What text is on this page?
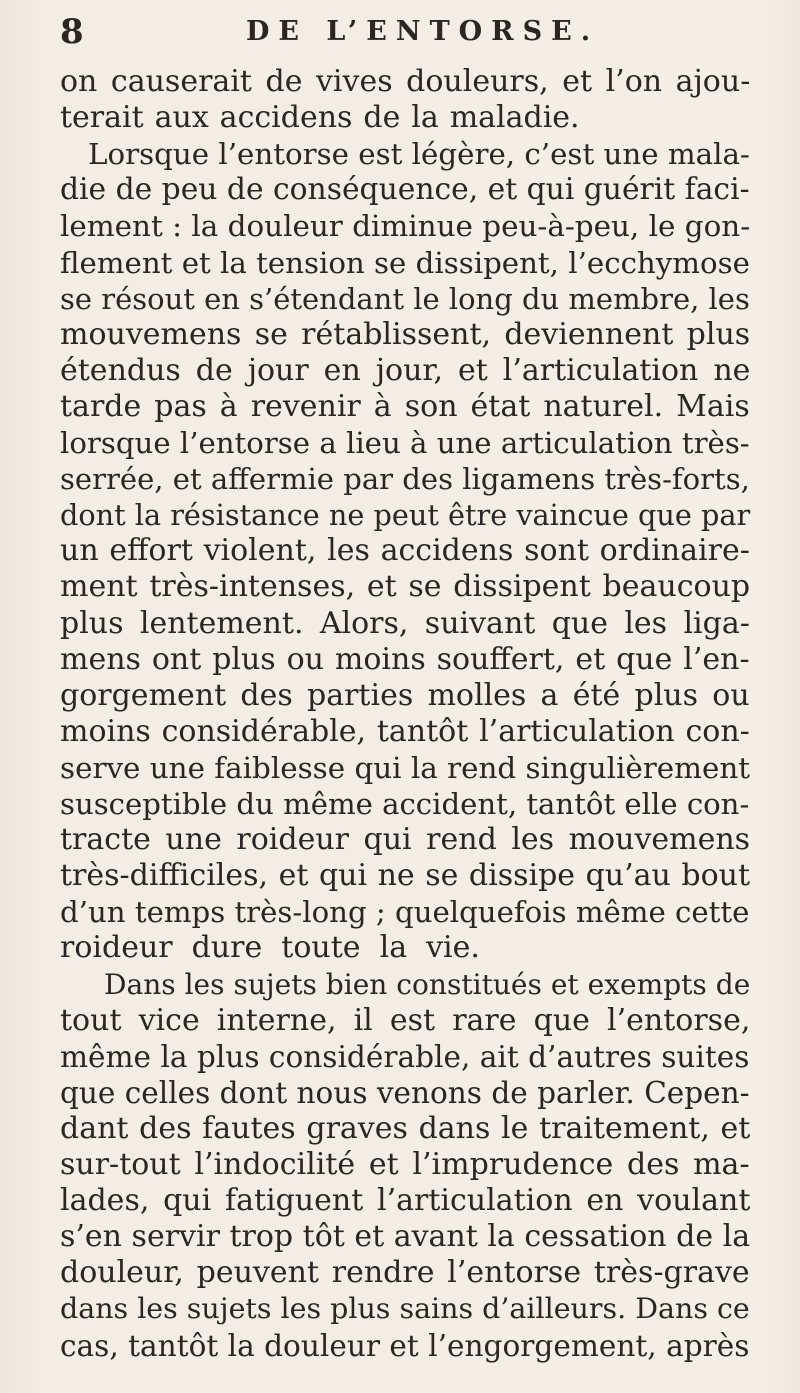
8	DE L’ENTORSE.
on causerait de vives douleurs, et l’on ajou-
terait aux accidens de la maladie.
Lorsque l’entorse est légère, c’est une mala-
die de peu de conséquence, et qui guérit faci-
lement : la douleur diminue peu-à-peu, le gon-
flement et la tension se dissipent, l’ecchymose
se résout en s’étendant le long du membre, les
mouvemens se rétablissent, deviennent plus
étendus de jour en jour, et l’articulation ne
tarde pas à revenir à son état naturel. Mais
lorsque l’entorse a lieu à une articulation très-
serrée, et affermie par des ligamens très-forts,
dont la résistance ne peut être vaincue que par
un effort violent, les accidens sont ordinaire-
ment très-intenses, et se dissipent beaucoup
plus lentement. Alors, suivant que les liga-
mens ont plus ou moins souffert, et que l’en-
gorgement des parties molles a été plus ou
moins considérable, tantôt l’articulation con-
serve une faiblesse qui la rend singulièrement
susceptible du même accident, tantôt elle con-
tracte une roideur qui rend les mouvemens
très-difficiles, et qui ne se dissipe qu’au bout
d’un temps très-long ; quelquefois même cette
roideur dure toute la vie.
Dans les sujets bien constitués et exempts de
tout vice interne, il est rare que l’entorse,
même la plus considérable, ait d’autres suites
que celles dont nous venons de parler. Cepen-
dant des fautes graves dans le traitement, et
sur-tout l’indocilité et l’imprudence des ma-
lades, qui fatiguent l’articulation en voulant
s’en servir trop tôt et avant la cessation de la
douleur, peuvent rendre l’entorse très-grave
dans les sujets les plus sains d’ailleurs. Dans ce
cas, tantôt la douleur et l’engorgement, après
